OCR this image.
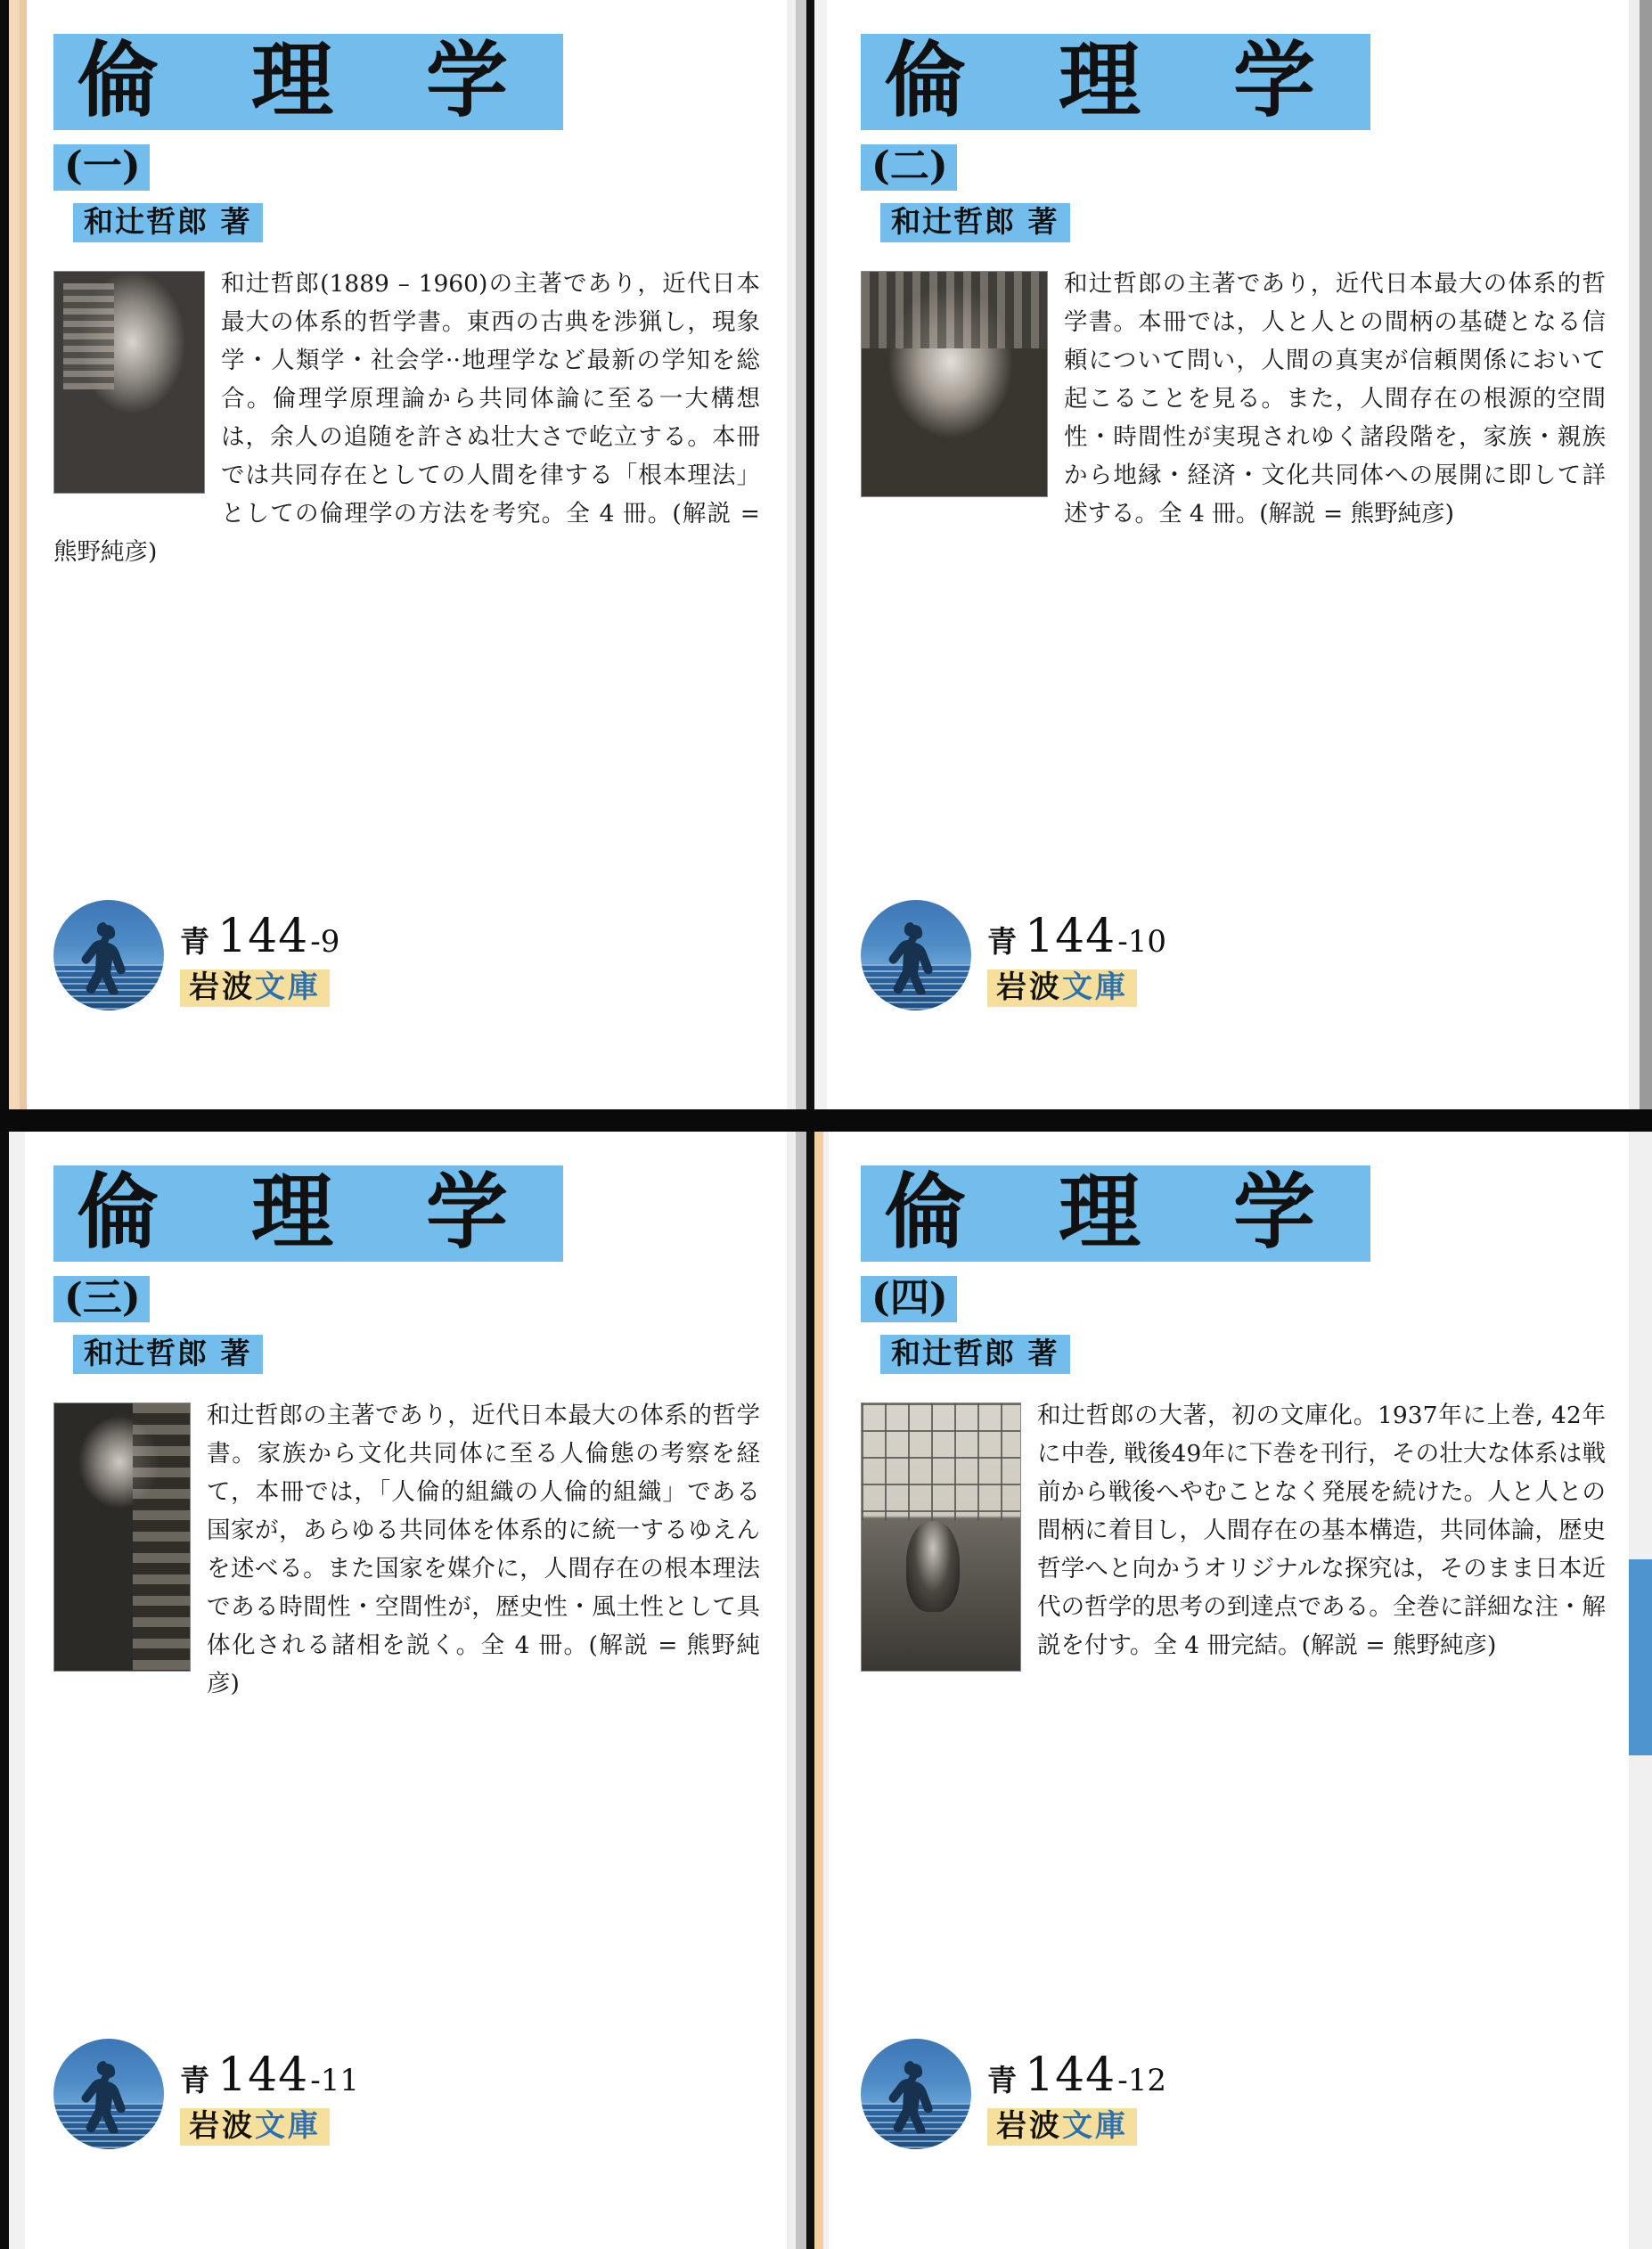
倫 理 学
(一)
和辻哲郎 著
和辻哲郎(1889 – 1960)の主著であり，近代日本最大の体系的哲学書。東西の古典を渉猟し，現象学・人類学・社会学··地理学など最新の学知を総合。倫理学原理論から共同体論に至る一大構想は，余人の追随を許さぬ壮大さで屹立する。本冊では共同存在としての人間を律する「根本理法」としての倫理学の方法を考究。全 4 冊。(解説 = 熊野純彦)
青 144 -9
岩波文庫
倫 理 学
(二)
和辻哲郎 著
和辻哲郎の主著であり，近代日本最大の体系的哲学書。本冊では，人と人との間柄の基礎となる信頼について問い，人間の真実が信頼関係において起こることを見る。また，人間存在の根源的空間性・時間性が実現されゆく諸段階を，家族・親族から地縁・経済・文化共同体への展開に即して詳述する。全 4 冊。(解説 = 熊野純彦)
青 144 -10
岩波文庫
倫 理 学
(三)
和辻哲郎 著
和辻哲郎の主著であり，近代日本最大の体系的哲学書。家族から文化共同体に至る人倫態の考察を経て，本冊では，「人倫的組織の人倫的組織」である国家が，あらゆる共同体を体系的に統一するゆえんを述べる。また国家を媒介に，人間存在の根本理法である時間性・空間性が，歴史性・風土性として具体化される諸相を説く。全 4 冊。(解説 = 熊野純彦)
青 144 -11
岩波文庫
倫 理 学
(四)
和辻哲郎 著
和辻哲郎の大著，初の文庫化。1937年に上巻, 42年に中巻, 戦後49年に下巻を刊行，その壮大な体系は戦前から戦後へやむことなく発展を続けた。人と人との間柄に着目し，人間存在の基本構造，共同体論，歴史哲学へと向かうオリジナルな探究は，そのまま日本近代の哲学的思考の到達点である。全巻に詳細な注・解説を付す。全 4 冊完結。(解説 = 熊野純彦)
青 144 -12
岩波文庫
